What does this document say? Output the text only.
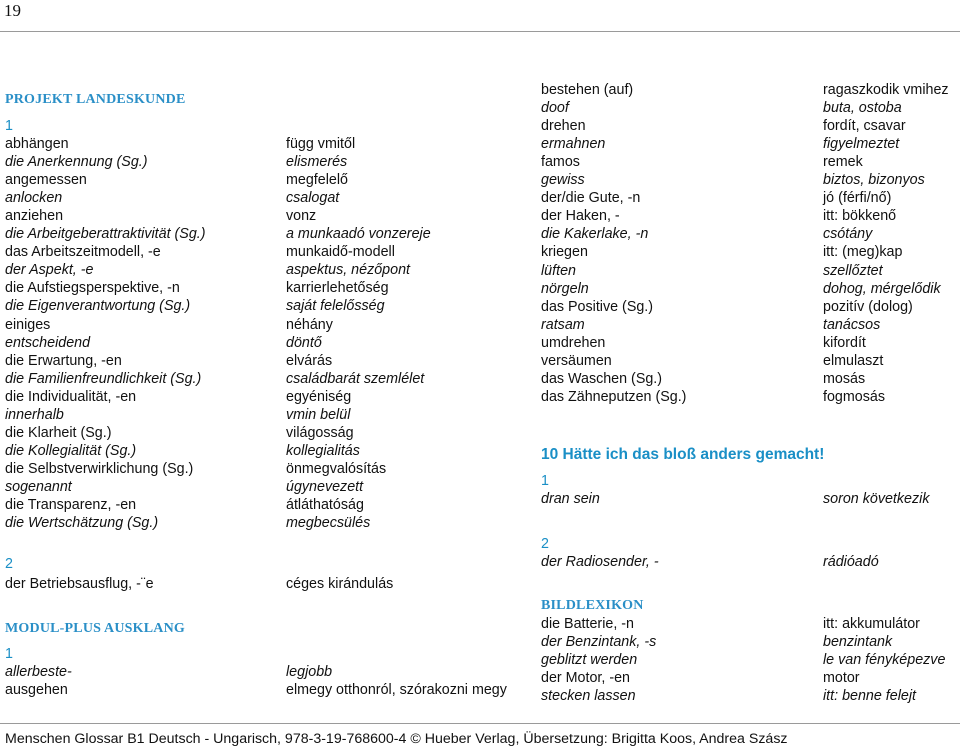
19
PROJEKT LANDESKUNDE
1
abhängen	függ vmitől
die Anerkennung (Sg.)	elismerés
angemessen	megfelelő
anlocken	csalogat
anziehen	vonz
die Arbeitgeberattraktivität (Sg.)	a munkaadó vonzereje
das Arbeitszeitmodell, -e	munkaidő-modell
der Aspekt, -e	aspektus, nézőpont
die Aufstiegsperspektive, -n	karrierlehetőség
die Eigenverantwortung (Sg.)	saját felelősség
einiges	néhány
entscheidend	döntő
die Erwartung, -en	elvárás
die Familienfreundlichkeit (Sg.)	családbarát szemlélet
die Individualität, -en	egyéniség
innerhalb	vmin belül
die Klarheit (Sg.)	világosság
die Kollegialität (Sg.)	kollegialitás
die Selbstverwirklichung (Sg.)	önmegvalósítás
sogenannt	úgynevezett
die Transparenz, -en	átláthatóság
die Wertschätzung (Sg.)	megbecsülés
2
der Betriebsausflug, -¨e	céges kirándulás
MODUL-PLUS AUSKLANG
1
allerbeste-	legjobb
ausgehen	elmegy otthonról, szórakozni megy
bestehen (auf)	ragaszkodik vmihez
doof	buta, ostoba
drehen	fordít, csavar
ermahnen	figyelmeztet
famos	remek
gewiss	biztos, bizonyos
der/die Gute, -n	jó (férfi/nő)
der Haken, -	itt: bökkenő
die Kakerlake, -n	csótány
kriegen	itt: (meg)kap
lüften	szellőztet
nörgeln	dohog, mérgelődik
das Positive (Sg.)	pozitív (dolog)
ratsam	tanácsos
umdrehen	kifordít
versäumen	elmulaszt
das Waschen (Sg.)	mosás
das Zähneputzen (Sg.)	fogmosás
10 Hätte ich das bloß anders gemacht!
1
dran sein	soron következik
2
der Radiosender, -	rádióadó
BILDLEXIKON
die Batterie, -n	itt: akkumulátor
der Benzintank, -s	benzintank
geblitzt werden	le van fényképezve
der Motor, -en	motor
stecken lassen	itt: benne felejt
Menschen Glossar B1 Deutsch - Ungarisch, 978-3-19-768600-4 © Hueber Verlag, Übersetzung: Brigitta Koos, Andrea Szász
